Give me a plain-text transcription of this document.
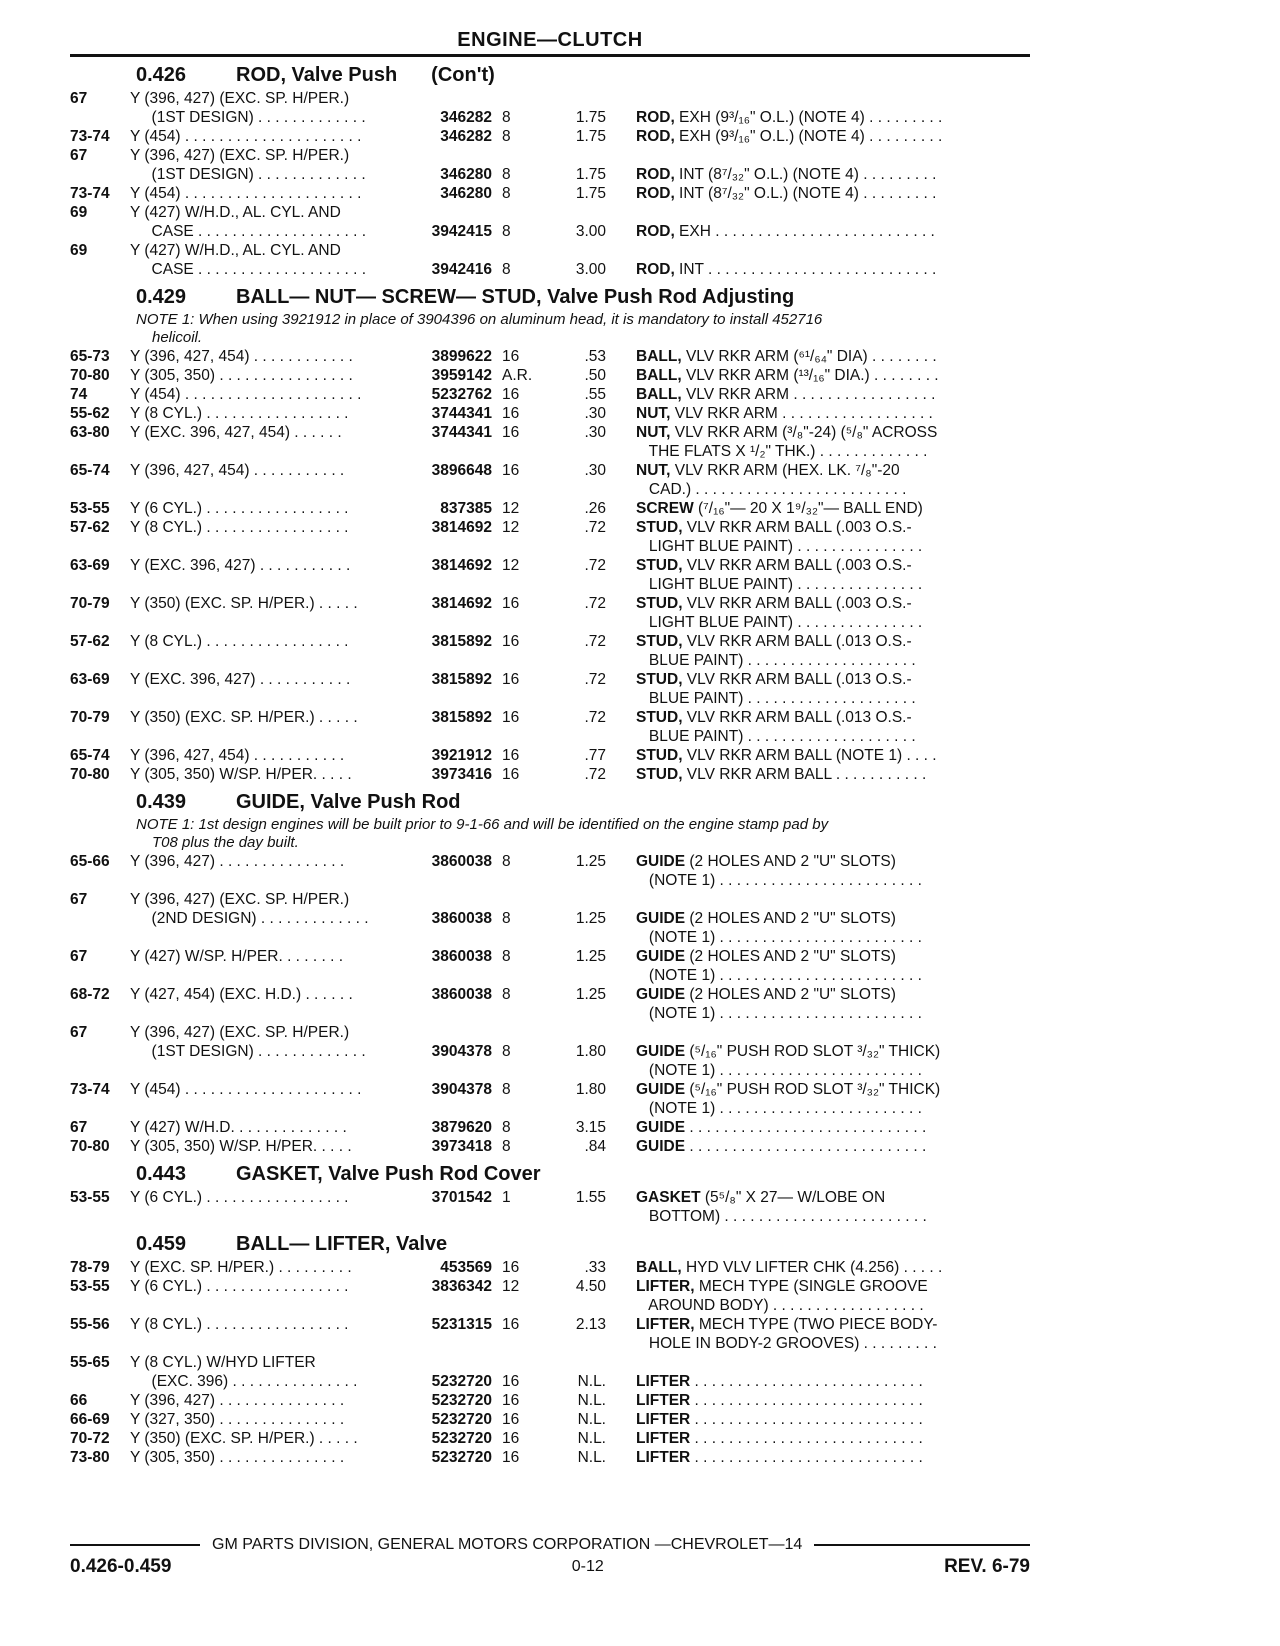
ENGINE—CLUTCH
0.426	ROD, Valve Push (Con't)
67	Y (396, 427) (EXC. SP. H/PER.)
(1ST DESIGN) . . . . . . . . . . . . .	346282 8	1.75	ROD, EXH (9³/₁₆" O.L.) (NOTE 4) . . . . . . . . .
73-74	Y (454) . . . . . . . . . . . . . . . . . . . . .	346282 8	1.75	ROD, EXH (9³/₁₆" O.L.) (NOTE 4) . . . . . . . . .
67	Y (396, 427) (EXC. SP. H/PER.)
(1ST DESIGN) . . . . . . . . . . . . .	346280 8	1.75	ROD, INT (8⁷/₃₂" O.L.) (NOTE 4) . . . . . . . . .
73-74	Y (454) . . . . . . . . . . . . . . . . . . . . .	346280 8	1.75	ROD, INT (8⁷/₃₂" O.L.) (NOTE 4) . . . . . . . . .
69	Y (427) W/H.D., AL. CYL. AND
CASE . . . . . . . . . . . . . . . . . . . .	3942415 8	3.00	ROD, EXH . . . . . . . . . . . . . . . . . . . . . . . . . .
69	Y (427) W/H.D., AL. CYL. AND
CASE . . . . . . . . . . . . . . . . . . . .	3942416 8	3.00	ROD, INT . . . . . . . . . . . . . . . . . . . . . . . . . . .
0.429	BALL— NUT— SCREW— STUD, Valve Push Rod Adjusting
NOTE 1: When using 3921912 in place of 3904396 on aluminum head, it is mandatory to install 452716
helicoil.
65-73	Y (396, 427, 454) . . . . . . . . . . . .	3899622 16	.53	BALL, VLV RKR ARM (⁶¹/₆₄" DIA) . . . . . . . .
70-80	Y (305, 350) . . . . . . . . . . . . . . . .	3959142 A.R.	.50	BALL, VLV RKR ARM (¹³/₁₆" DIA.) . . . . . . . .
74	Y (454) . . . . . . . . . . . . . . . . . . . . .	5232762 16	.55	BALL, VLV RKR ARM . . . . . . . . . . . . . . . . .
55-62	Y (8 CYL.) . . . . . . . . . . . . . . . . .	3744341 16	.30	NUT, VLV RKR ARM . . . . . . . . . . . . . . . . . .
63-80	Y (EXC. 396, 427, 454) . . . . . .	3744341 16	.30	NUT, VLV RKR ARM (³/₈"-24) (⁵/₈" ACROSS
THE FLATS X ¹/₂" THK.) . . . . . . . . . . . . .
65-74	Y (396, 427, 454) . . . . . . . . . . .	3896648 16	.30	NUT, VLV RKR ARM (HEX. LK. ⁷/₈"-20
CAD.) . . . . . . . . . . . . . . . . . . . . . . . . .
53-55	Y (6 CYL.) . . . . . . . . . . . . . . . . .	837385 12	.26	SCREW (⁷/₁₆"— 20 X 1⁹/₃₂"— BALL END)
57-62	Y (8 CYL.) . . . . . . . . . . . . . . . . .	3814692 12	.72	STUD, VLV RKR ARM BALL (.003 O.S.-
LIGHT BLUE PAINT) . . . . . . . . . . . . . . .
63-69	Y (EXC. 396, 427) . . . . . . . . . . .	3814692 12	.72	STUD, VLV RKR ARM BALL (.003 O.S.-
LIGHT BLUE PAINT) . . . . . . . . . . . . . . .
70-79	Y (350) (EXC. SP. H/PER.) . . . . .	3814692 16	.72	STUD, VLV RKR ARM BALL (.003 O.S.-
LIGHT BLUE PAINT) . . . . . . . . . . . . . . .
57-62	Y (8 CYL.) . . . . . . . . . . . . . . . . .	3815892 16	.72	STUD, VLV RKR ARM BALL (.013 O.S.-
BLUE PAINT) . . . . . . . . . . . . . . . . . . . .
63-69	Y (EXC. 396, 427) . . . . . . . . . . .	3815892 16	.72	STUD, VLV RKR ARM BALL (.013 O.S.-
BLUE PAINT) . . . . . . . . . . . . . . . . . . . .
70-79	Y (350) (EXC. SP. H/PER.) . . . . .	3815892 16	.72	STUD, VLV RKR ARM BALL (.013 O.S.-
BLUE PAINT) . . . . . . . . . . . . . . . . . . . .
65-74	Y (396, 427, 454) . . . . . . . . . . .	3921912 16	.77	STUD, VLV RKR ARM BALL (NOTE 1) . . . .
70-80	Y (305, 350) W/SP. H/PER. . . . .	3973416 16	.72	STUD, VLV RKR ARM BALL . . . . . . . . . . .
0.439	GUIDE, Valve Push Rod
NOTE 1: 1st design engines will be built prior to 9-1-66 and will be identified on the engine stamp pad by
T08 plus the day built.
65-66	Y (396, 427) . . . . . . . . . . . . . . .	3860038 8	1.25	GUIDE (2 HOLES AND 2 "U" SLOTS)
(NOTE 1) . . . . . . . . . . . . . . . . . . . . . . . .
67	Y (396, 427) (EXC. SP. H/PER.)
(2ND DESIGN) . . . . . . . . . . . . .	3860038 8	1.25	GUIDE (2 HOLES AND 2 "U" SLOTS)
(NOTE 1) . . . . . . . . . . . . . . . . . . . . . . . .
67	Y (427) W/SP. H/PER. . . . . . . .	3860038 8	1.25	GUIDE (2 HOLES AND 2 "U" SLOTS)
(NOTE 1) . . . . . . . . . . . . . . . . . . . . . . . .
68-72	Y (427, 454) (EXC. H.D.) . . . . . .	3860038 8	1.25	GUIDE (2 HOLES AND 2 "U" SLOTS)
(NOTE 1) . . . . . . . . . . . . . . . . . . . . . . . .
67	Y (396, 427) (EXC. SP. H/PER.)
(1ST DESIGN) . . . . . . . . . . . . .	3904378 8	1.80	GUIDE (⁵/₁₆" PUSH ROD SLOT ³/₃₂" THICK)
(NOTE 1) . . . . . . . . . . . . . . . . . . . . . . . .
73-74	Y (454) . . . . . . . . . . . . . . . . . . . . .	3904378 8	1.80	GUIDE (⁵/₁₆" PUSH ROD SLOT ³/₃₂" THICK)
(NOTE 1) . . . . . . . . . . . . . . . . . . . . . . . .
67	Y (427) W/H.D. . . . . . . . . . . . . .	3879620 8	3.15	GUIDE . . . . . . . . . . . . . . . . . . . . . . . . . . . .
70-80	Y (305, 350) W/SP. H/PER. . . . .	3973418 8	.84	GUIDE . . . . . . . . . . . . . . . . . . . . . . . . . . . .
0.443	GASKET, Valve Push Rod Cover
53-55	Y (6 CYL.) . . . . . . . . . . . . . . . . .	3701542 1	1.55	GASKET (5⁵/₈" X 27— W/LOBE ON
BOTTOM) . . . . . . . . . . . . . . . . . . . . . . . .
0.459	BALL— LIFTER, Valve
78-79	Y (EXC. SP. H/PER.) . . . . . . . . .	453569 16	.33	BALL, HYD VLV LIFTER CHK (4.256) . . . . .
53-55	Y (6 CYL.) . . . . . . . . . . . . . . . . .	3836342 12	4.50	LIFTER, MECH TYPE (SINGLE GROOVE
AROUND BODY) . . . . . . . . . . . . . . . . . .
55-56	Y (8 CYL.) . . . . . . . . . . . . . . . . .	5231315 16	2.13	LIFTER, MECH TYPE (TWO PIECE BODY-
HOLE IN BODY-2 GROOVES) . . . . . . . . .
55-65	Y (8 CYL.) W/HYD LIFTER
(EXC. 396) . . . . . . . . . . . . . . .	5232720 16	N.L.	LIFTER . . . . . . . . . . . . . . . . . . . . . . . . . . .
66	Y (396, 427) . . . . . . . . . . . . . . .	5232720 16	N.L.	LIFTER . . . . . . . . . . . . . . . . . . . . . . . . . . .
66-69	Y (327, 350) . . . . . . . . . . . . . . .	5232720 16	N.L.	LIFTER . . . . . . . . . . . . . . . . . . . . . . . . . . .
70-72	Y (350) (EXC. SP. H/PER.) . . . . .	5232720 16	N.L.	LIFTER . . . . . . . . . . . . . . . . . . . . . . . . . . .
73-80	Y (305, 350) . . . . . . . . . . . . . . .	5232720 16	N.L.	LIFTER . . . . . . . . . . . . . . . . . . . . . . . . . . .
GM PARTS DIVISION, GENERAL MOTORS CORPORATION —CHEVROLET—14
0.426-0.459	0-12	REV. 6-79
